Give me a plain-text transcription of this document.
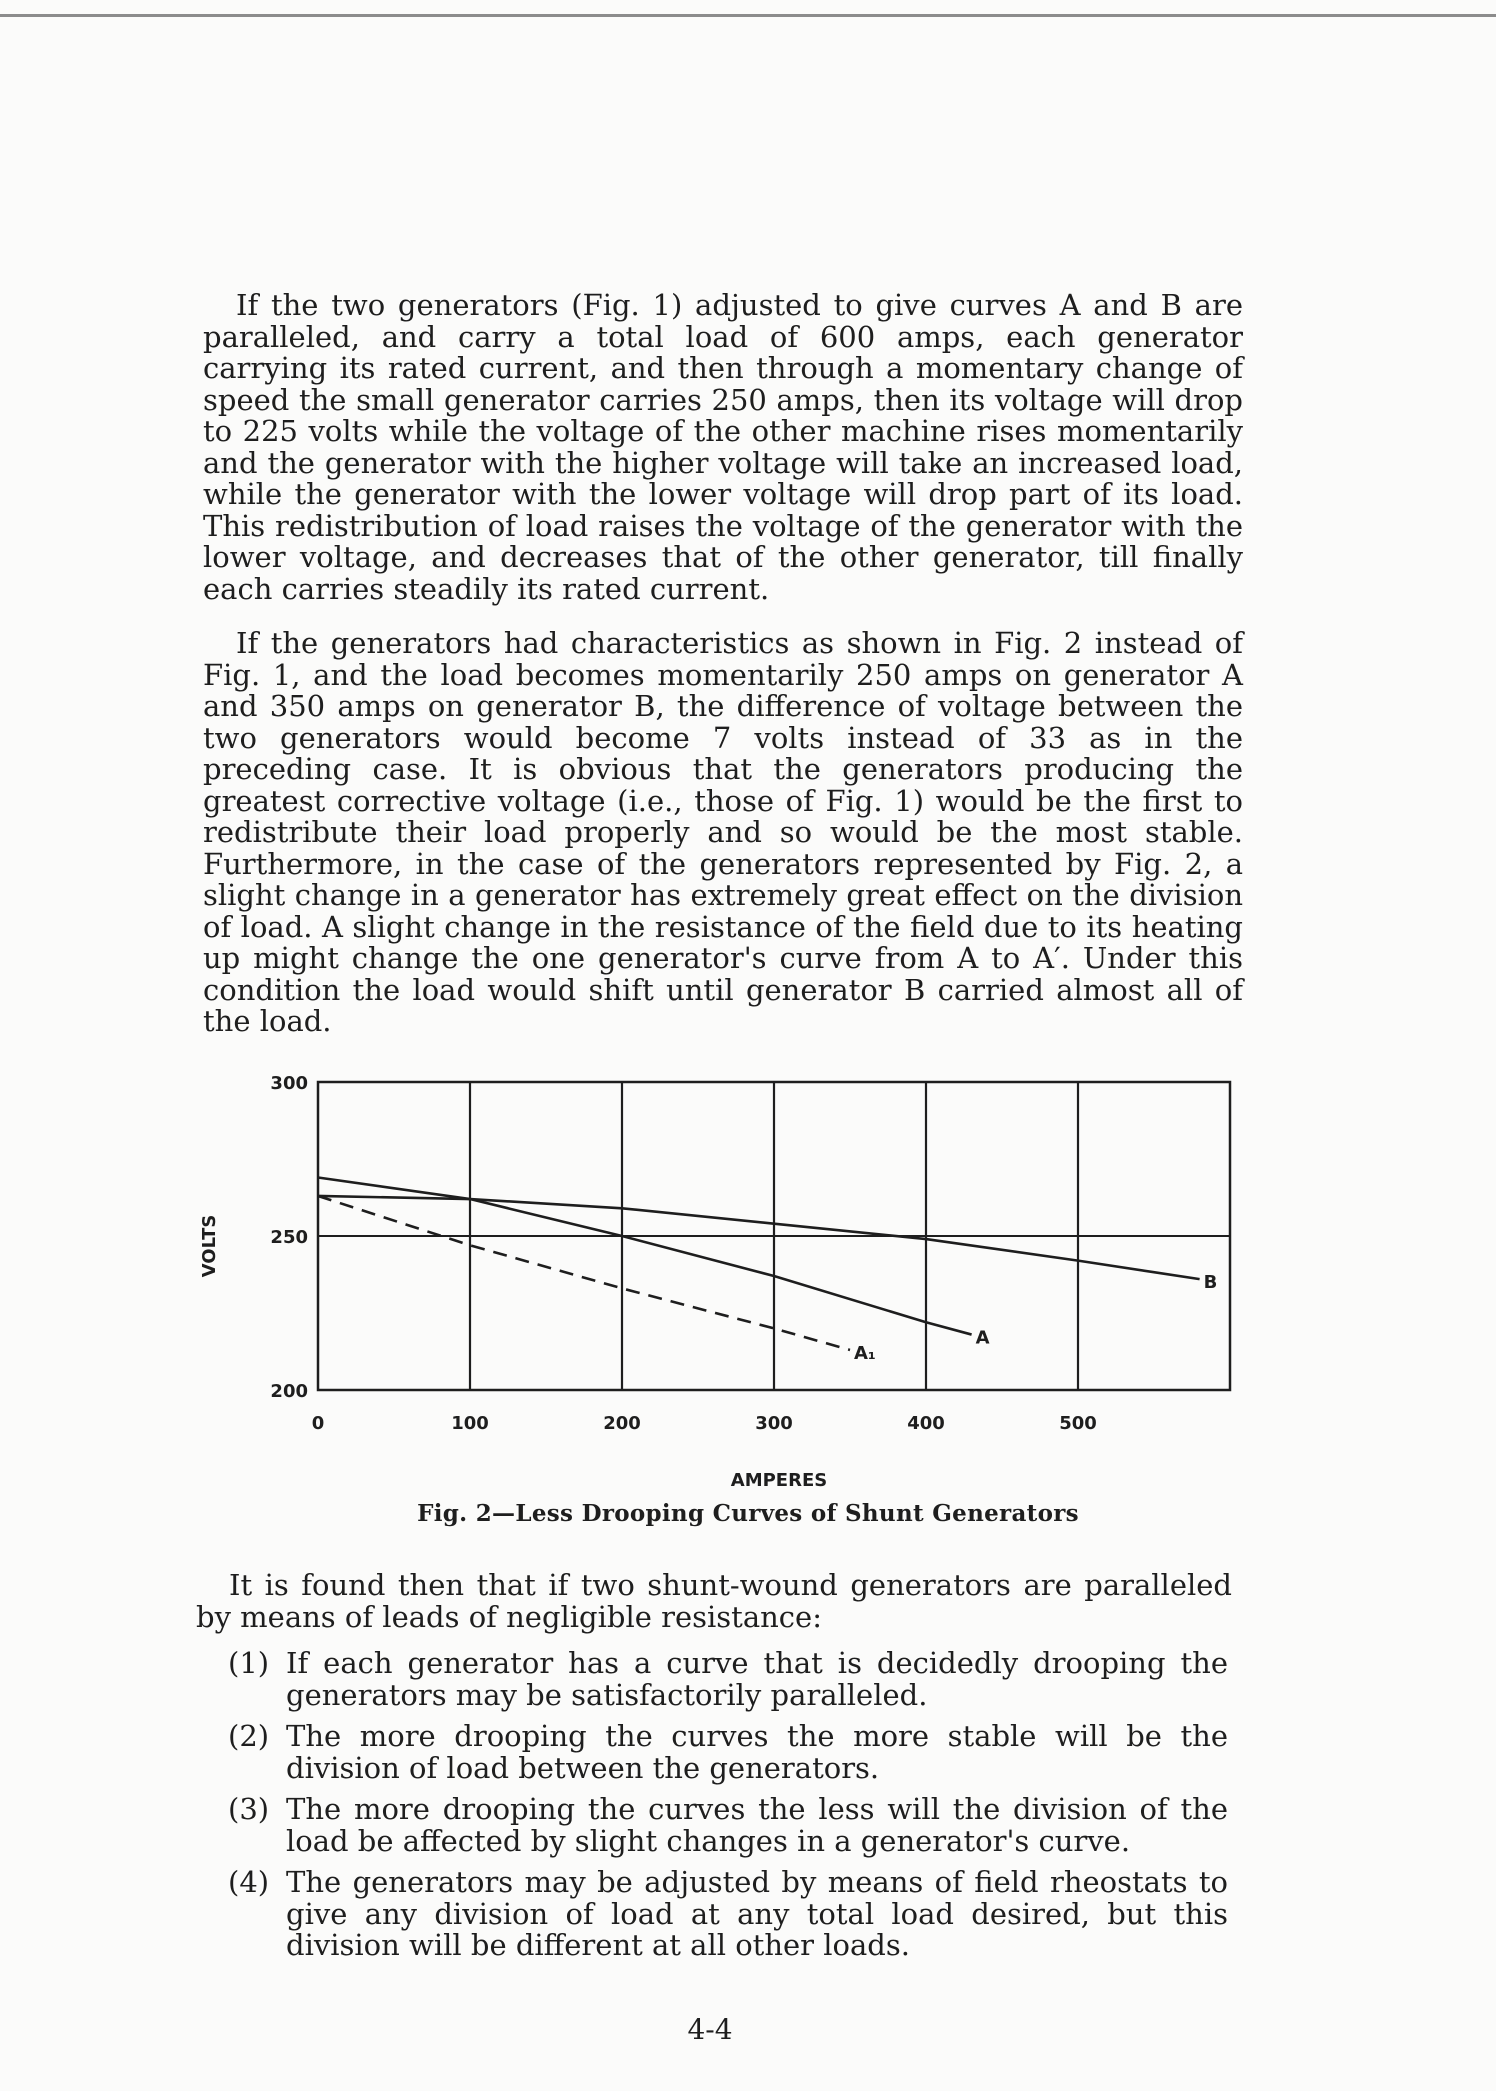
If the two generators (Fig. 1) adjusted to give curves A and B are paralleled, and carry a total load of 600 amps, each generator carrying its rated current, and then through a momentary change of speed the small generator carries 250 amps, then its voltage will drop to 225 volts while the voltage of the other machine rises momentarily and the generator with the higher voltage will take an increased load, while the generator with the lower voltage will drop part of its load. This redistribution of load raises the voltage of the generator with the lower voltage, and decreases that of the other generator, till finally each carries steadily its rated current.

If the generators had characteristics as shown in Fig. 2 instead of Fig. 1, and the load becomes momentarily 250 amps on generator A and 350 amps on generator B, the difference of voltage between the two generators would become 7 volts instead of 33 as in the preceding case. It is obvious that the generators producing the greatest corrective voltage (i.e., those of Fig. 1) would be the first to redistribute their load properly and so would be the most stable. Furthermore, in the case of the generators represented by Fig. 2, a slight change in a generator has extremely great effect on the division of load. A slight change in the resistance of the field due to its heating up might change the one generator's curve from A to A′. Under this condition the load would shift until generator B carried almost all of the load.

0	100	200	300	400	500
200
250
300
VOLTS
AMPERES
A
A₁
B
Fig. 2—Less Drooping Curves of Shunt Generators

It is found then that if two shunt-wound generators are paralleled by means of leads of negligible resistance:

(1) If each generator has a curve that is decidedly drooping the generators may be satisfactorily paralleled.
(2) The more drooping the curves the more stable will be the division of load between the generators.
(3) The more drooping the curves the less will the division of the load be affected by slight changes in a generator's curve.
(4) The generators may be adjusted by means of field rheostats to give any division of load at any total load desired, but this division will be different at all other loads.
4-4
